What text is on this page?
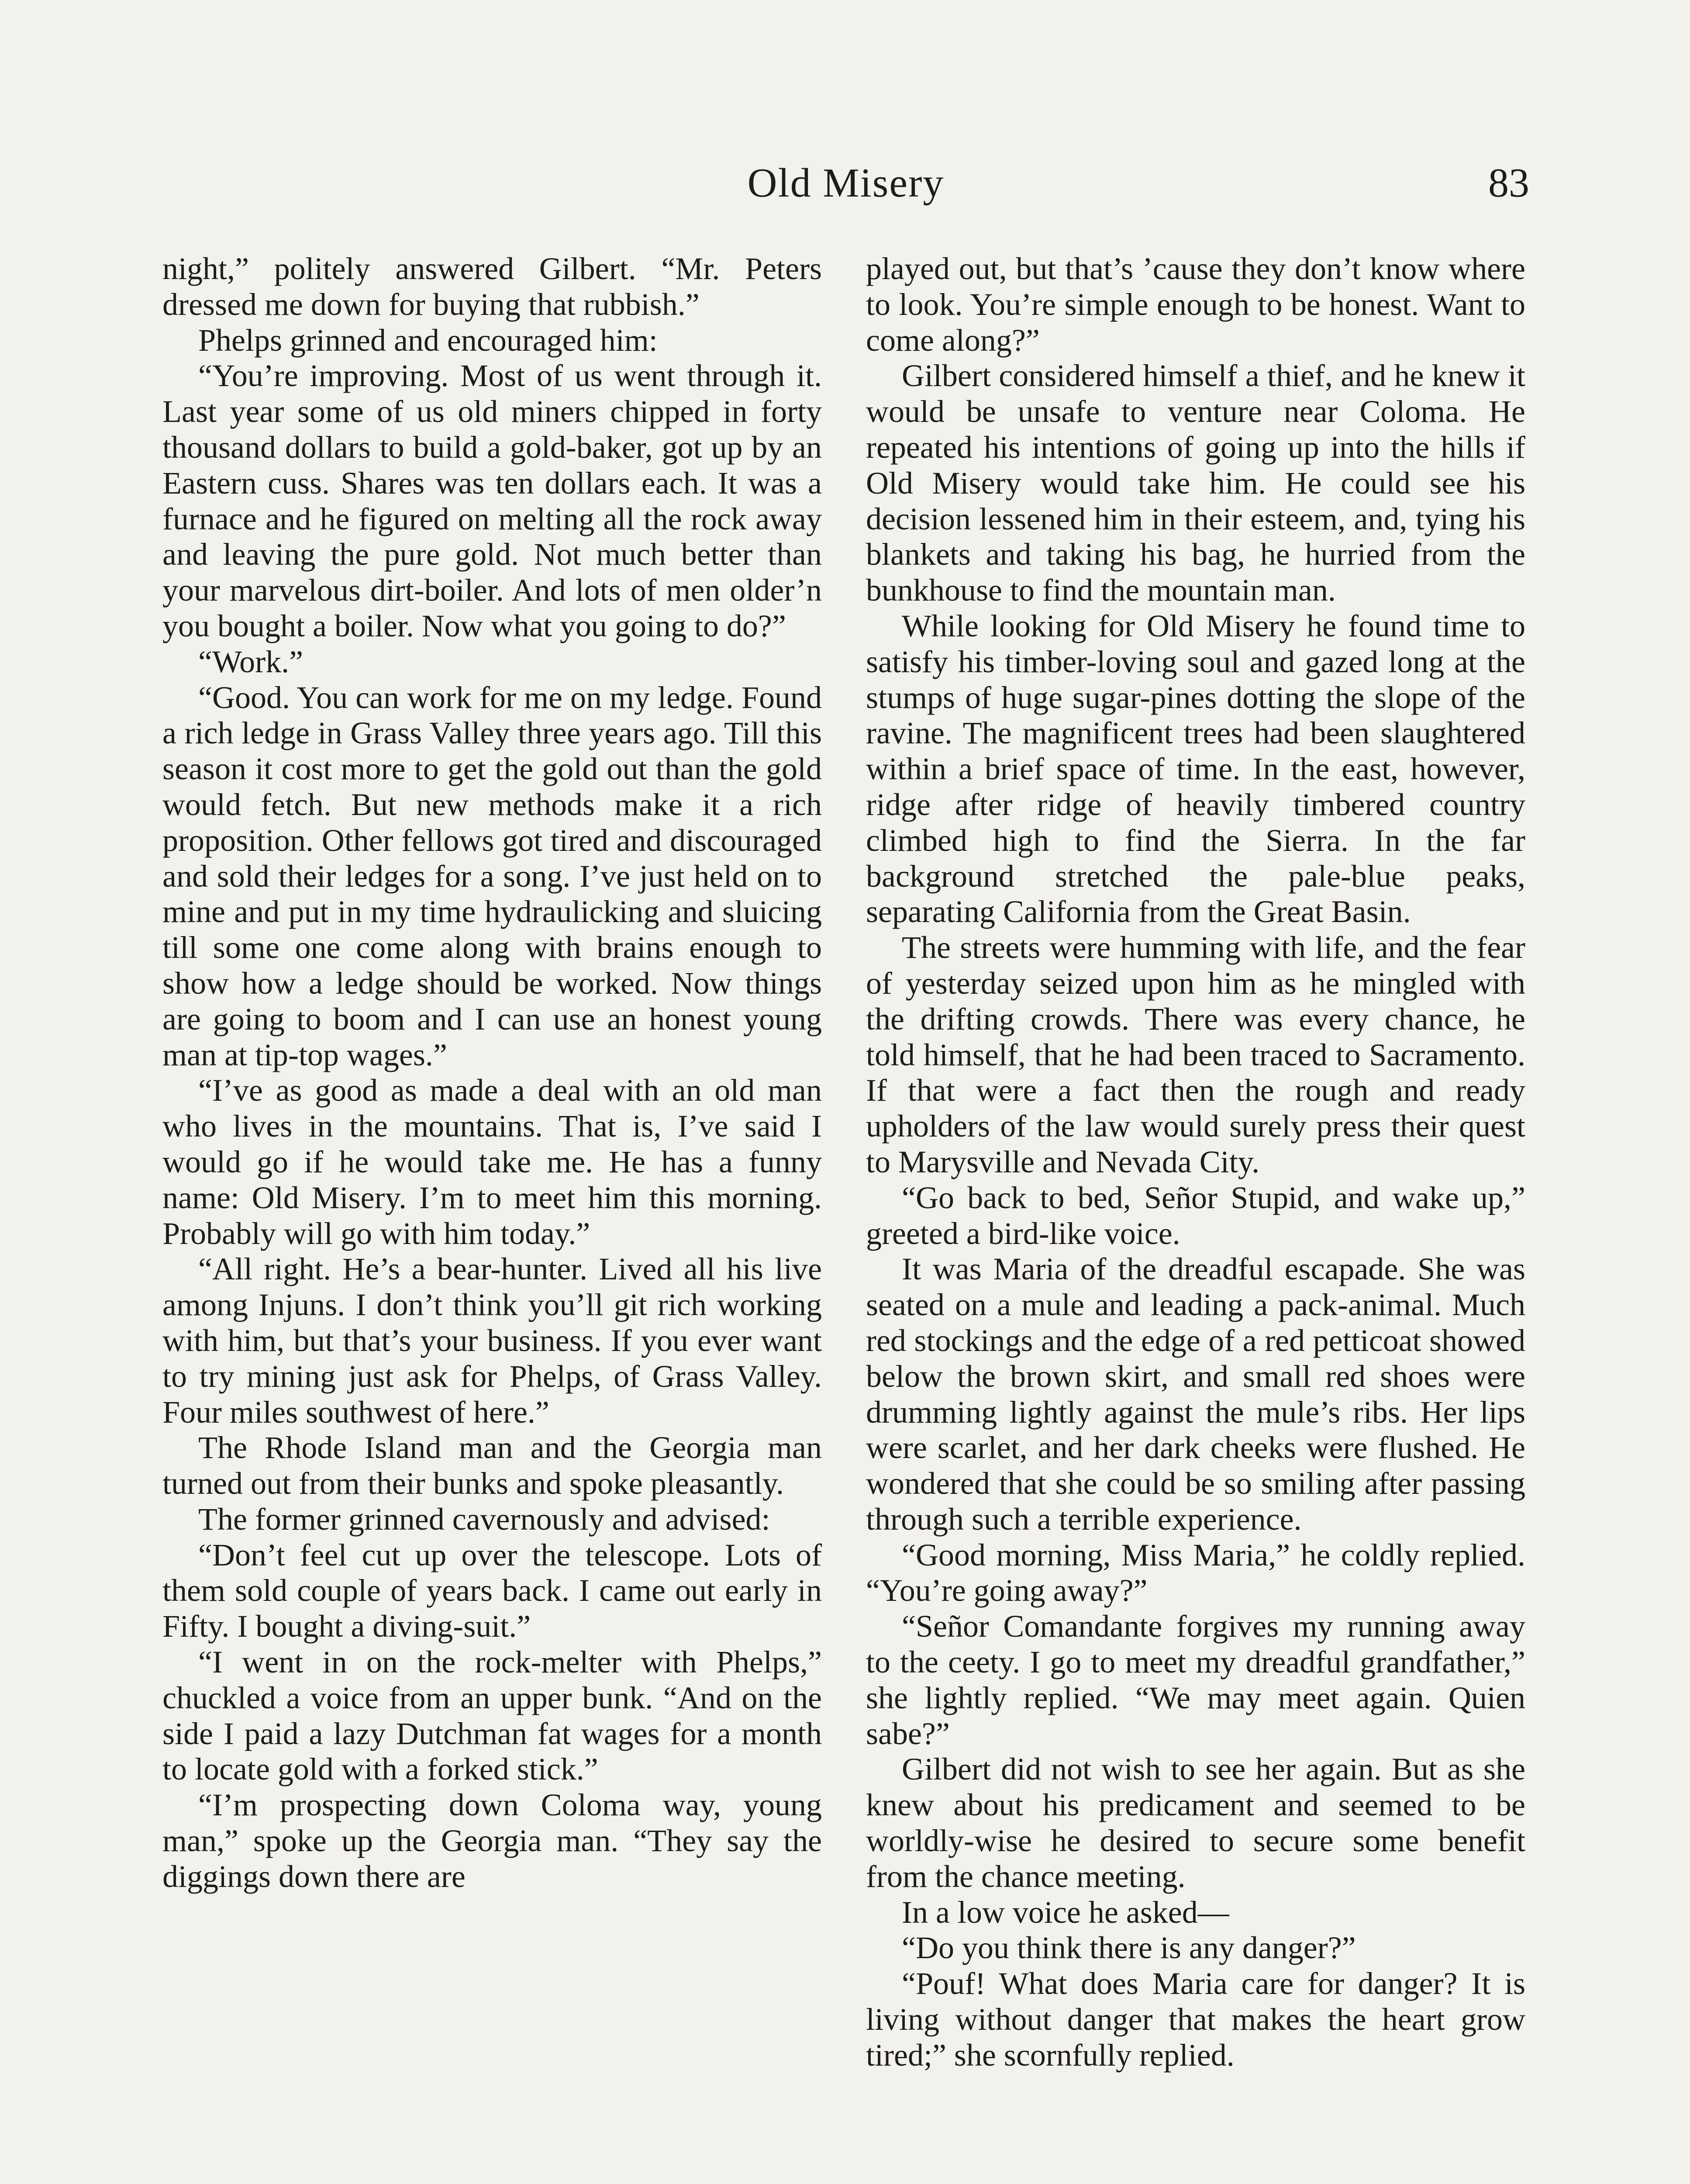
Old Misery	83

night,” politely answered Gilbert. “Mr. Peters dressed me down for buying that rubbish.”

Phelps grinned and encouraged him:

“You’re improving. Most of us went through it. Last year some of us old miners chipped in forty thousand dollars to build a gold-baker, got up by an Eastern cuss. Shares was ten dollars each. It was a furnace and he figured on melting all the rock away and leaving the pure gold. Not much better than your marvelous dirt-boiler. And lots of men older’n you bought a boiler. Now what you going to do?”

“Work.”

“Good. You can work for me on my ledge. Found a rich ledge in Grass Valley three years ago. Till this season it cost more to get the gold out than the gold would fetch. But new methods make it a rich proposition. Other fellows got tired and discouraged and sold their ledges for a song. I’ve just held on to mine and put in my time hydraulicking and sluicing till some one come along with brains enough to show how a ledge should be worked. Now things are going to boom and I can use an honest young man at tip-top wages.”

“I’ve as good as made a deal with an old man who lives in the mountains. That is, I’ve said I would go if he would take me. He has a funny name: Old Misery. I’m to meet him this morning. Probably will go with him today.”

“All right. He’s a bear-hunter. Lived all his live among Injuns. I don’t think you’ll git rich working with him, but that’s your business. If you ever want to try mining just ask for Phelps, of Grass Valley. Four miles southwest of here.”

The Rhode Island man and the Georgia man turned out from their bunks and spoke pleasantly.

The former grinned cavernously and advised:

“Don’t feel cut up over the telescope. Lots of them sold couple of years back. I came out early in Fifty. I bought a diving-suit.”

“I went in on the rock-melter with Phelps,” chuckled a voice from an upper bunk. “And on the side I paid a lazy Dutchman fat wages for a month to locate gold with a forked stick.”

“I’m prospecting down Coloma way, young man,” spoke up the Georgia man. “They say the diggings down there are

played out, but that’s ’cause they don’t know where to look. You’re simple enough to be honest. Want to come along?”

Gilbert considered himself a thief, and he knew it would be unsafe to venture near Coloma. He repeated his intentions of going up into the hills if Old Misery would take him. He could see his decision lessened him in their esteem, and, tying his blankets and taking his bag, he hurried from the bunkhouse to find the mountain man.

While looking for Old Misery he found time to satisfy his timber-loving soul and gazed long at the stumps of huge sugar-pines dotting the slope of the ravine. The magnificent trees had been slaughtered within a brief space of time. In the east, however, ridge after ridge of heavily timbered country climbed high to find the Sierra. In the far background stretched the pale-blue peaks, separating California from the Great Basin.

The streets were humming with life, and the fear of yesterday seized upon him as he mingled with the drifting crowds. There was every chance, he told himself, that he had been traced to Sacramento. If that were a fact then the rough and ready upholders of the law would surely press their quest to Marysville and Nevada City.

“Go back to bed, Señor Stupid, and wake up,” greeted a bird-like voice.

It was Maria of the dreadful escapade. She was seated on a mule and leading a pack-animal. Much red stockings and the edge of a red petticoat showed below the brown skirt, and small red shoes were drumming lightly against the mule’s ribs. Her lips were scarlet, and her dark cheeks were flushed. He wondered that she could be so smiling after passing through such a terrible experience.

“Good morning, Miss Maria,” he coldly replied. “You’re going away?”

“Señor Comandante forgives my running away to the ceety. I go to meet my dreadful grandfather,” she lightly replied. “We may meet again. Quien sabe?”

Gilbert did not wish to see her again. But as she knew about his predicament and seemed to be worldly-wise he desired to secure some benefit from the chance meeting.

In a low voice he asked—

“Do you think there is any danger?”

“Pouf! What does Maria care for danger? It is living without danger that makes the heart grow tired;” she scornfully replied.
